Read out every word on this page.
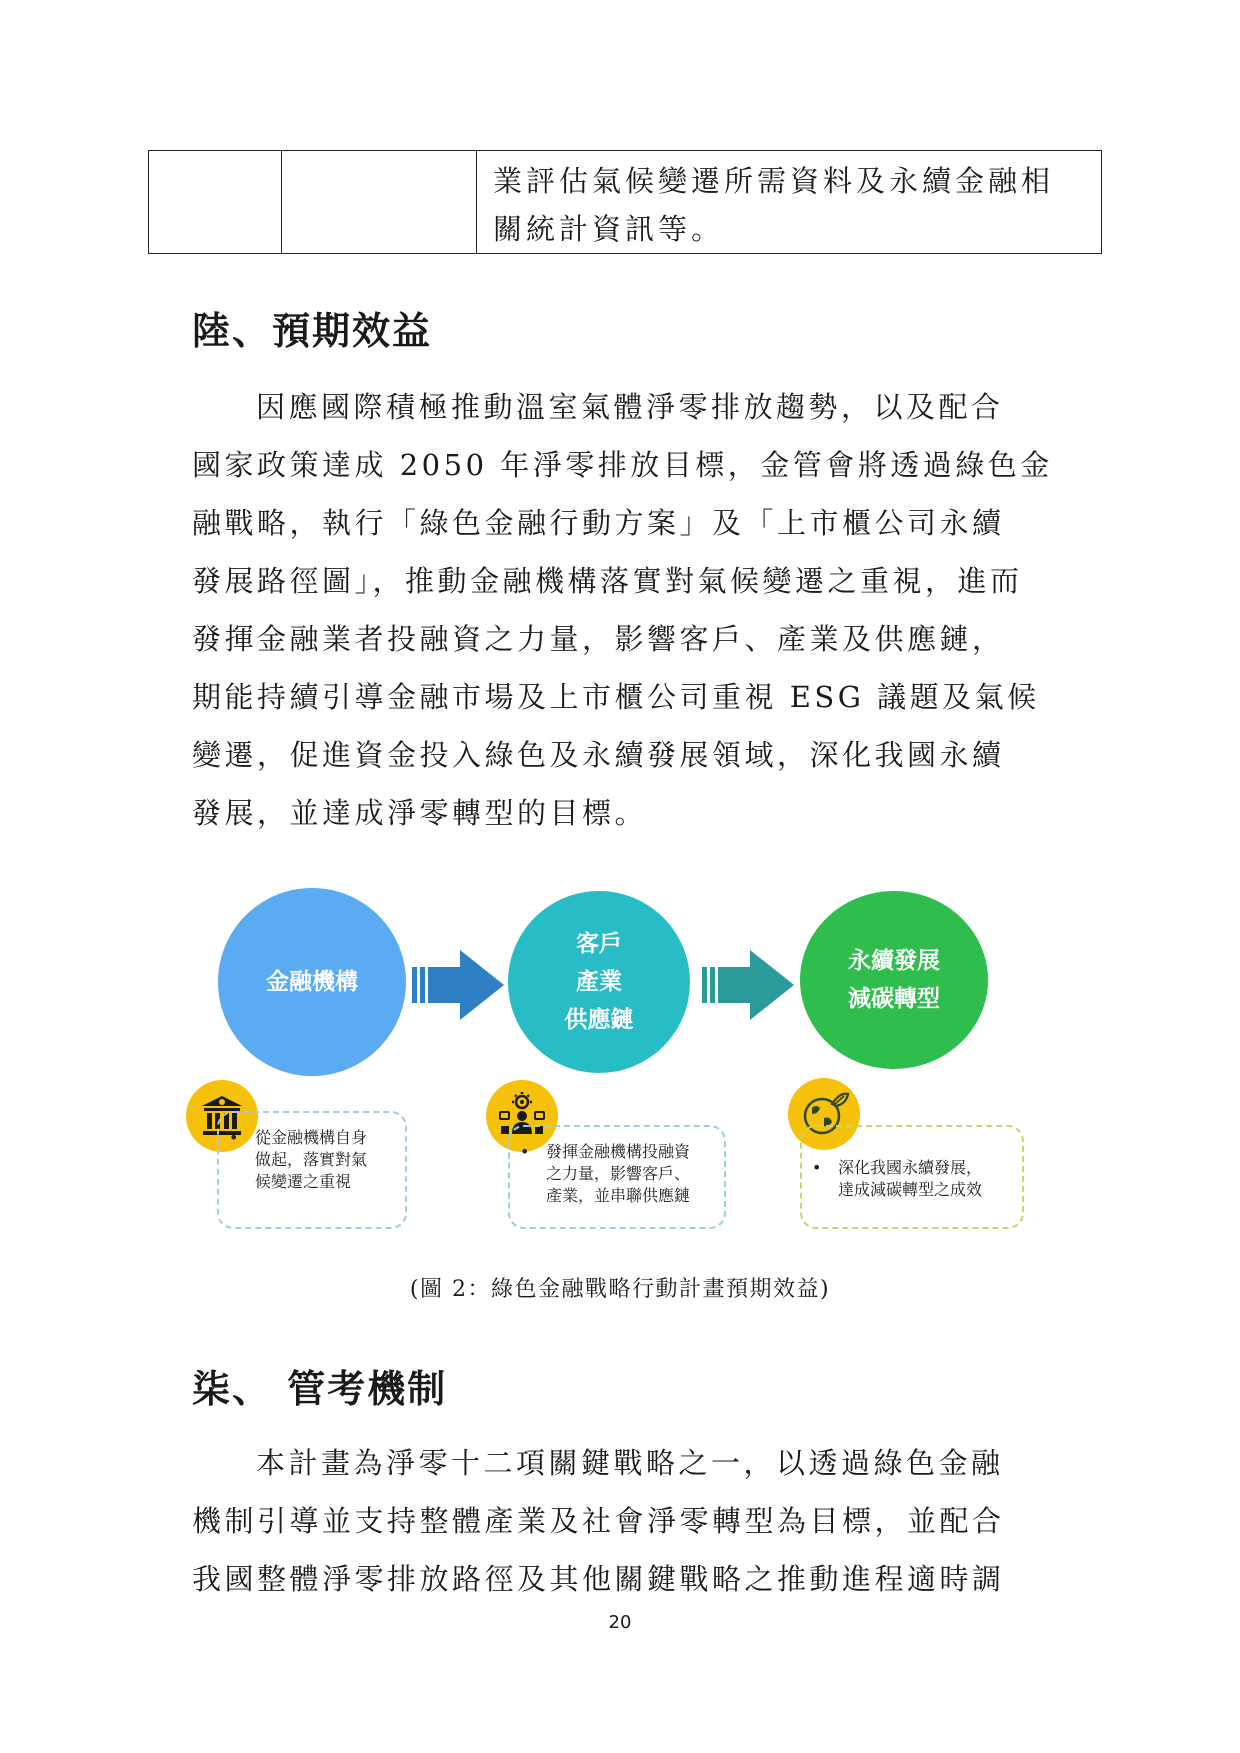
業評估氣候變遷所需資料及永續金融相
關統計資訊等。
陸、預期效益
因應國際積極推動溫室氣體淨零排放趨勢，以及配合
國家政策達成 2050 年淨零排放目標，金管會將透過綠色金
融戰略，執行「綠色金融行動方案」及「上市櫃公司永續
發展路徑圖」，推動金融機構落實對氣候變遷之重視，進而
發揮金融業者投融資之力量，影響客戶、產業及供應鏈，
期能持續引導金融市場及上市櫃公司重視 ESG 議題及氣候
變遷，促進資金投入綠色及永續發展領域，深化我國永續
發展，並達成淨零轉型的目標。
金融機構
客戶
產業
供應鏈
永續發展
減碳轉型
•	從金融機構自身
做起，落實對氣
候變遷之重視
•	發揮金融機構投融資
之力量，影響客戶、
產業，並串聯供應鏈
•	深化我國永續發展，
達成減碳轉型之成效
(圖 2：綠色金融戰略行動計畫預期效益)
柒、 管考機制
本計畫為淨零十二項關鍵戰略之一，以透過綠色金融
機制引導並支持整體產業及社會淨零轉型為目標，並配合
我國整體淨零排放路徑及其他關鍵戰略之推動進程適時調
20
